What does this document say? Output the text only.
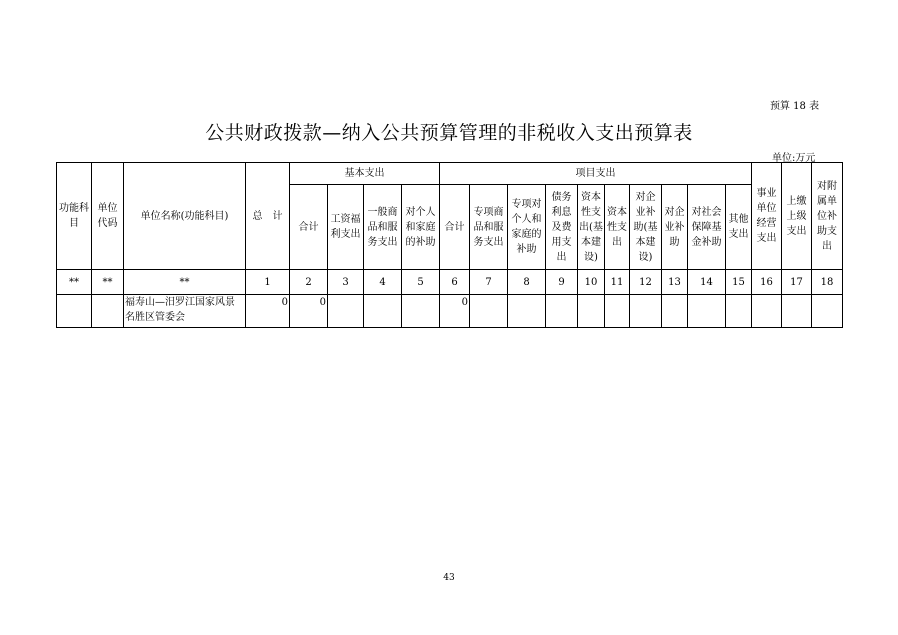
预算 18 表
公共财政拨款—纳入公共预算管理的非税收入支出预算表
单位:万元
功能科目	单位代码	单位名称(功能科目)	总　计	基本支出				项目支出										事业单位经营支出	上缴上级支出	对附属单位补助支出
				合计	工资福利支出	一般商品和服务支出	对个人和家庭的补助	合计	专项商品和服务支出	专项对个人和家庭的补助	债务利息及费用支出	资本性支出(基本建设)	资本性支出	对企业补助(基本建设)	对企业补助	对社会保障基金补助	其他支出			
**	**	**	1	2	3	4	5	6	7	8	9	10	11	12	13	14	15	16	17	18
		福寿山—汨罗江国家风景名胜区管委会	0	0				0												
43
